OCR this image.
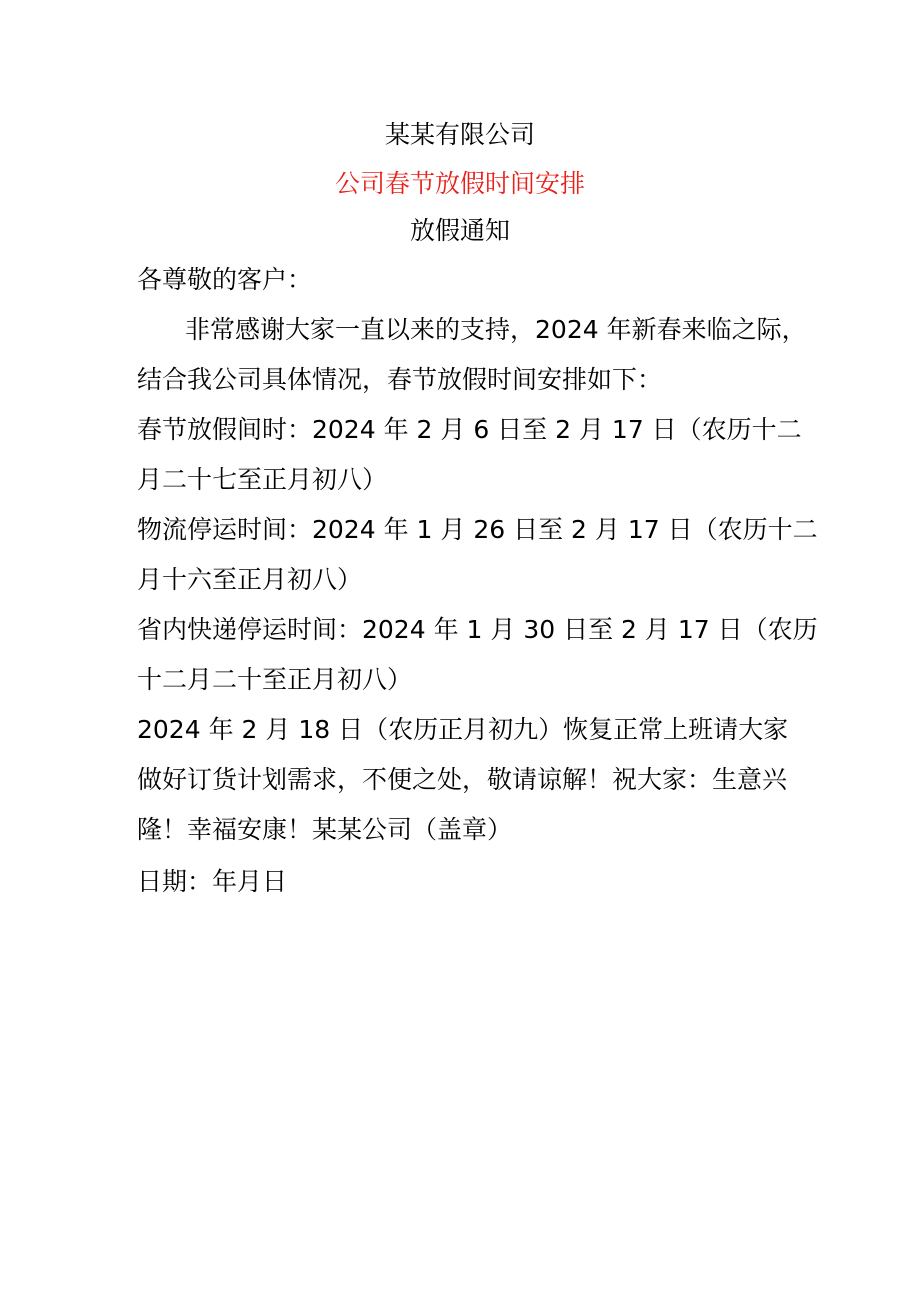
某某有限公司
公司春节放假时间安排
放假通知
各尊敬的客户：
非常感谢大家一直以来的支持，2024 年新春来临之际，
结合我公司具体情况，春节放假时间安排如下：
春节放假间时：2024 年 2 月 6 日至 2 月 17 日（农历十二
月二十七至正月初八）
物流停运时间：2024 年 1 月 26 日至 2 月 17 日（农历十二
月十六至正月初八）
省内快递停运时间：2024 年 1 月 30 日至 2 月 17 日（农历
十二月二十至正月初八）
2024 年 2 月 18 日（农历正月初九）恢复正常上班请大家
做好订货计划需求，不便之处，敬请谅解！祝大家：生意兴
隆！幸福安康！某某公司（盖章）
日期：年月日
